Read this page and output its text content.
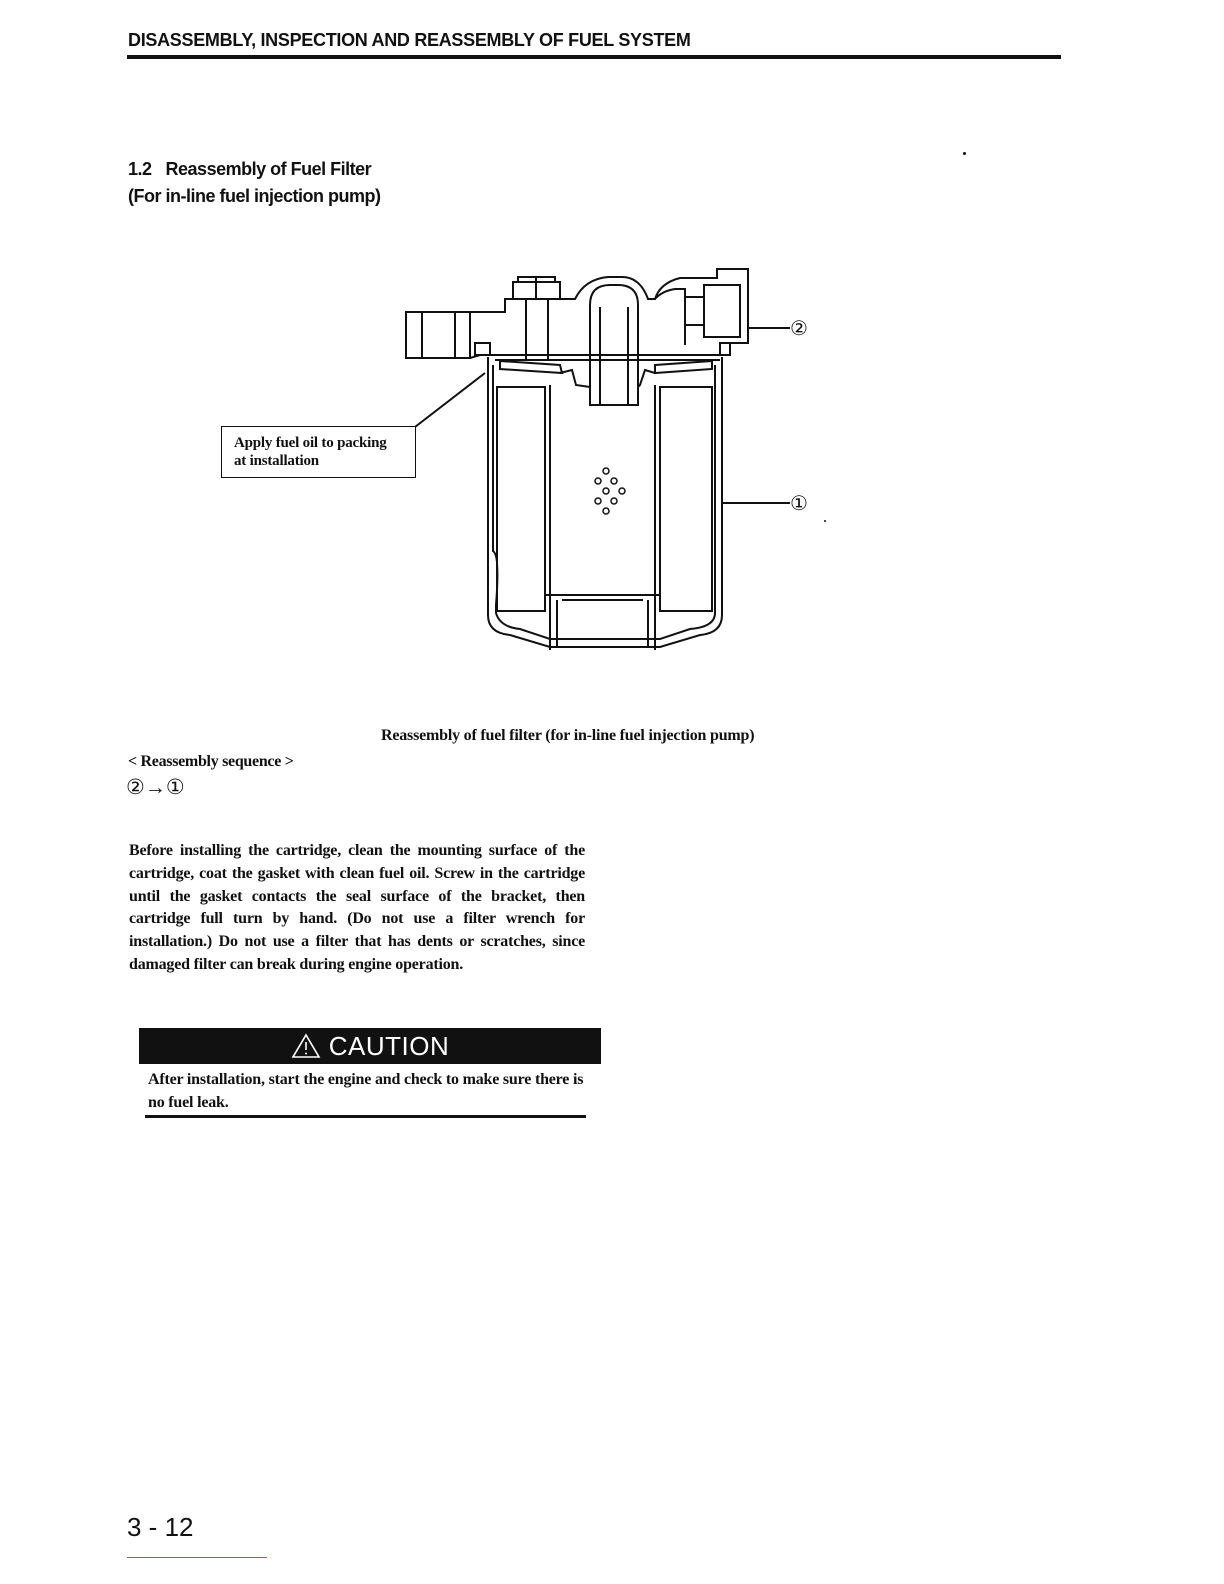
DISASSEMBLY, INSPECTION AND REASSEMBLY OF FUEL SYSTEM
1.2 Reassembly of Fuel Filter
(For in-line fuel injection pump)
②
①
Apply fuel oil to packing
at installation
Reassembly of fuel filter (for in-line fuel injection pump)
< Reassembly sequence >
②→①
Before installing the cartridge, clean the mounting surface of the cartridge, coat the gasket with clean fuel oil. Screw in the cartridge until the gasket contacts the seal surface of the bracket, then cartridge full turn by hand. (Do not use a filter wrench for installation.) Do not use a filter that has dents or scratches, since damaged filter can break during engine operation.
CAUTION
After installation, start the engine and check to make sure there is no fuel leak.
3 - 12
